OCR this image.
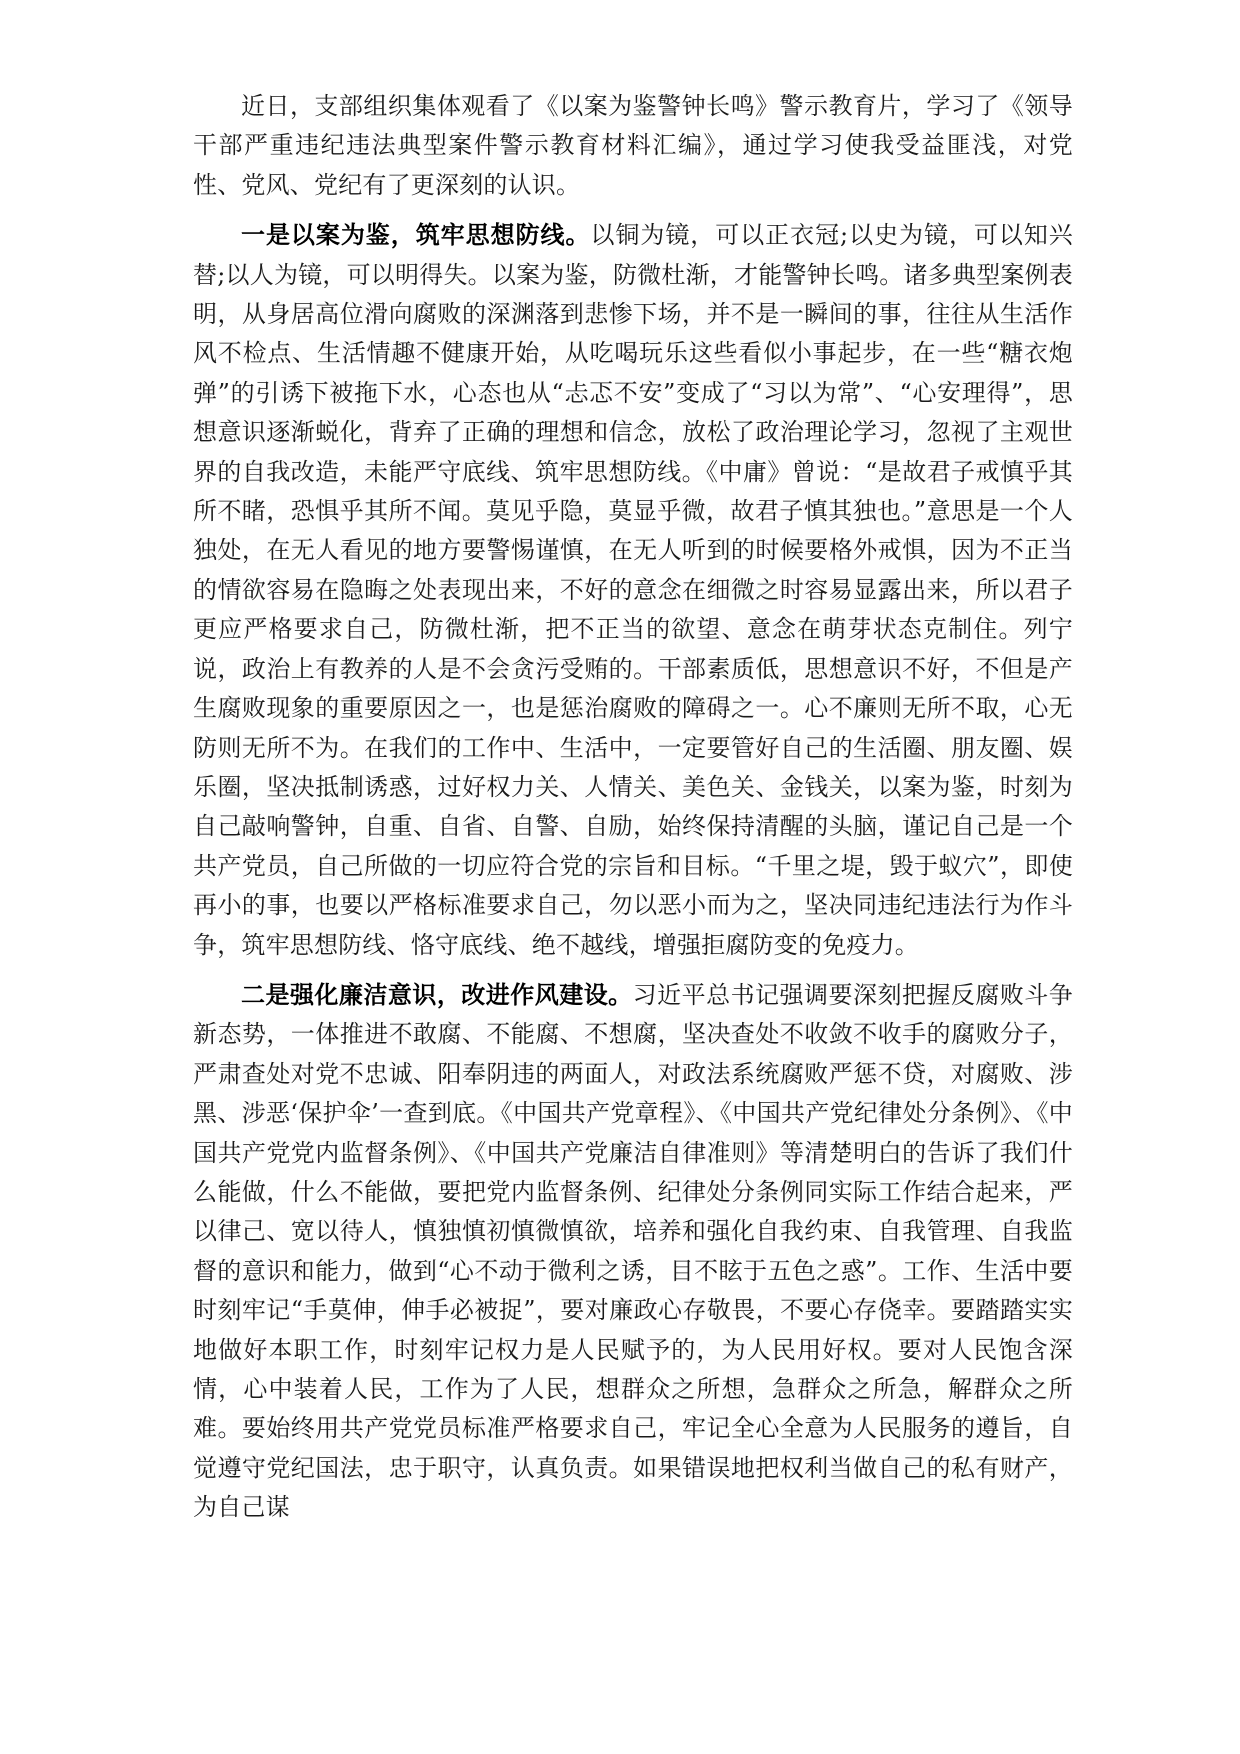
近日，支部组织集体观看了《以案为鉴警钟长鸣》警示教育片，学习了《领导干部严重违纪违法典型案件警示教育材料汇编》，通过学习使我受益匪浅，对党性、党风、党纪有了更深刻的认识。

一是以案为鉴，筑牢思想防线。以铜为镜，可以正衣冠;以史为镜，可以知兴替;以人为镜，可以明得失。以案为鉴，防微杜渐，才能警钟长鸣。诸多典型案例表明，从身居高位滑向腐败的深渊落到悲惨下场，并不是一瞬间的事，往往从生活作风不检点、生活情趣不健康开始，从吃喝玩乐这些看似小事起步，在一些“糖衣炮弹”的引诱下被拖下水，心态也从“忐忑不安”变成了“习以为常”、“心安理得”，思想意识逐渐蜕化，背弃了正确的理想和信念，放松了政治理论学习，忽视了主观世界的自我改造，未能严守底线、筑牢思想防线。《中庸》曾说：“是故君子戒慎乎其所不睹，恐惧乎其所不闻。莫见乎隐，莫显乎微，故君子慎其独也。”意思是一个人独处，在无人看见的地方要警惕谨慎，在无人听到的时候要格外戒惧，因为不正当的情欲容易在隐晦之处表现出来，不好的意念在细微之时容易显露出来，所以君子更应严格要求自己，防微杜渐，把不正当的欲望、意念在萌芽状态克制住。列宁说，政治上有教养的人是不会贪污受贿的。干部素质低，思想意识不好，不但是产生腐败现象的重要原因之一，也是惩治腐败的障碍之一。心不廉则无所不取，心无防则无所不为。在我们的工作中、生活中，一定要管好自己的生活圈、朋友圈、娱乐圈，坚决抵制诱惑，过好权力关、人情关、美色关、金钱关，以案为鉴，时刻为自己敲响警钟，自重、自省、自警、自励，始终保持清醒的头脑，谨记自己是一个共产党员，自己所做的一切应符合党的宗旨和目标。“千里之堤，毁于蚁穴”，即使再小的事，也要以严格标准要求自己，勿以恶小而为之，坚决同违纪违法行为作斗争，筑牢思想防线、恪守底线、绝不越线，增强拒腐防变的免疫力。

二是强化廉洁意识，改进作风建设。习近平总书记强调要深刻把握反腐败斗争新态势，一体推进不敢腐、不能腐、不想腐，坚决查处不收敛不收手的腐败分子，严肃查处对党不忠诚、阳奉阴违的两面人，对政法系统腐败严惩不贷，对腐败、涉黑、涉恶‘保护伞’一查到底。《中国共产党章程》、《中国共产党纪律处分条例》、《中国共产党党内监督条例》、《中国共产党廉洁自律准则》等清楚明白的告诉了我们什么能做，什么不能做，要把党内监督条例、纪律处分条例同实际工作结合起来，严以律己、宽以待人，慎独慎初慎微慎欲，培养和强化自我约束、自我管理、自我监督的意识和能力，做到“心不动于微利之诱，目不眩于五色之惑”。工作、生活中要时刻牢记“手莫伸，伸手必被捉”，要对廉政心存敬畏，不要心存侥幸。要踏踏实实地做好本职工作，时刻牢记权力是人民赋予的，为人民用好权。要对人民饱含深情，心中装着人民，工作为了人民，想群众之所想，急群众之所急，解群众之所难。要始终用共产党党员标准严格要求自己，牢记全心全意为人民服务的遵旨，自觉遵守党纪国法，忠于职守，认真负责。如果错误地把权利当做自己的私有财产，为自己谋
